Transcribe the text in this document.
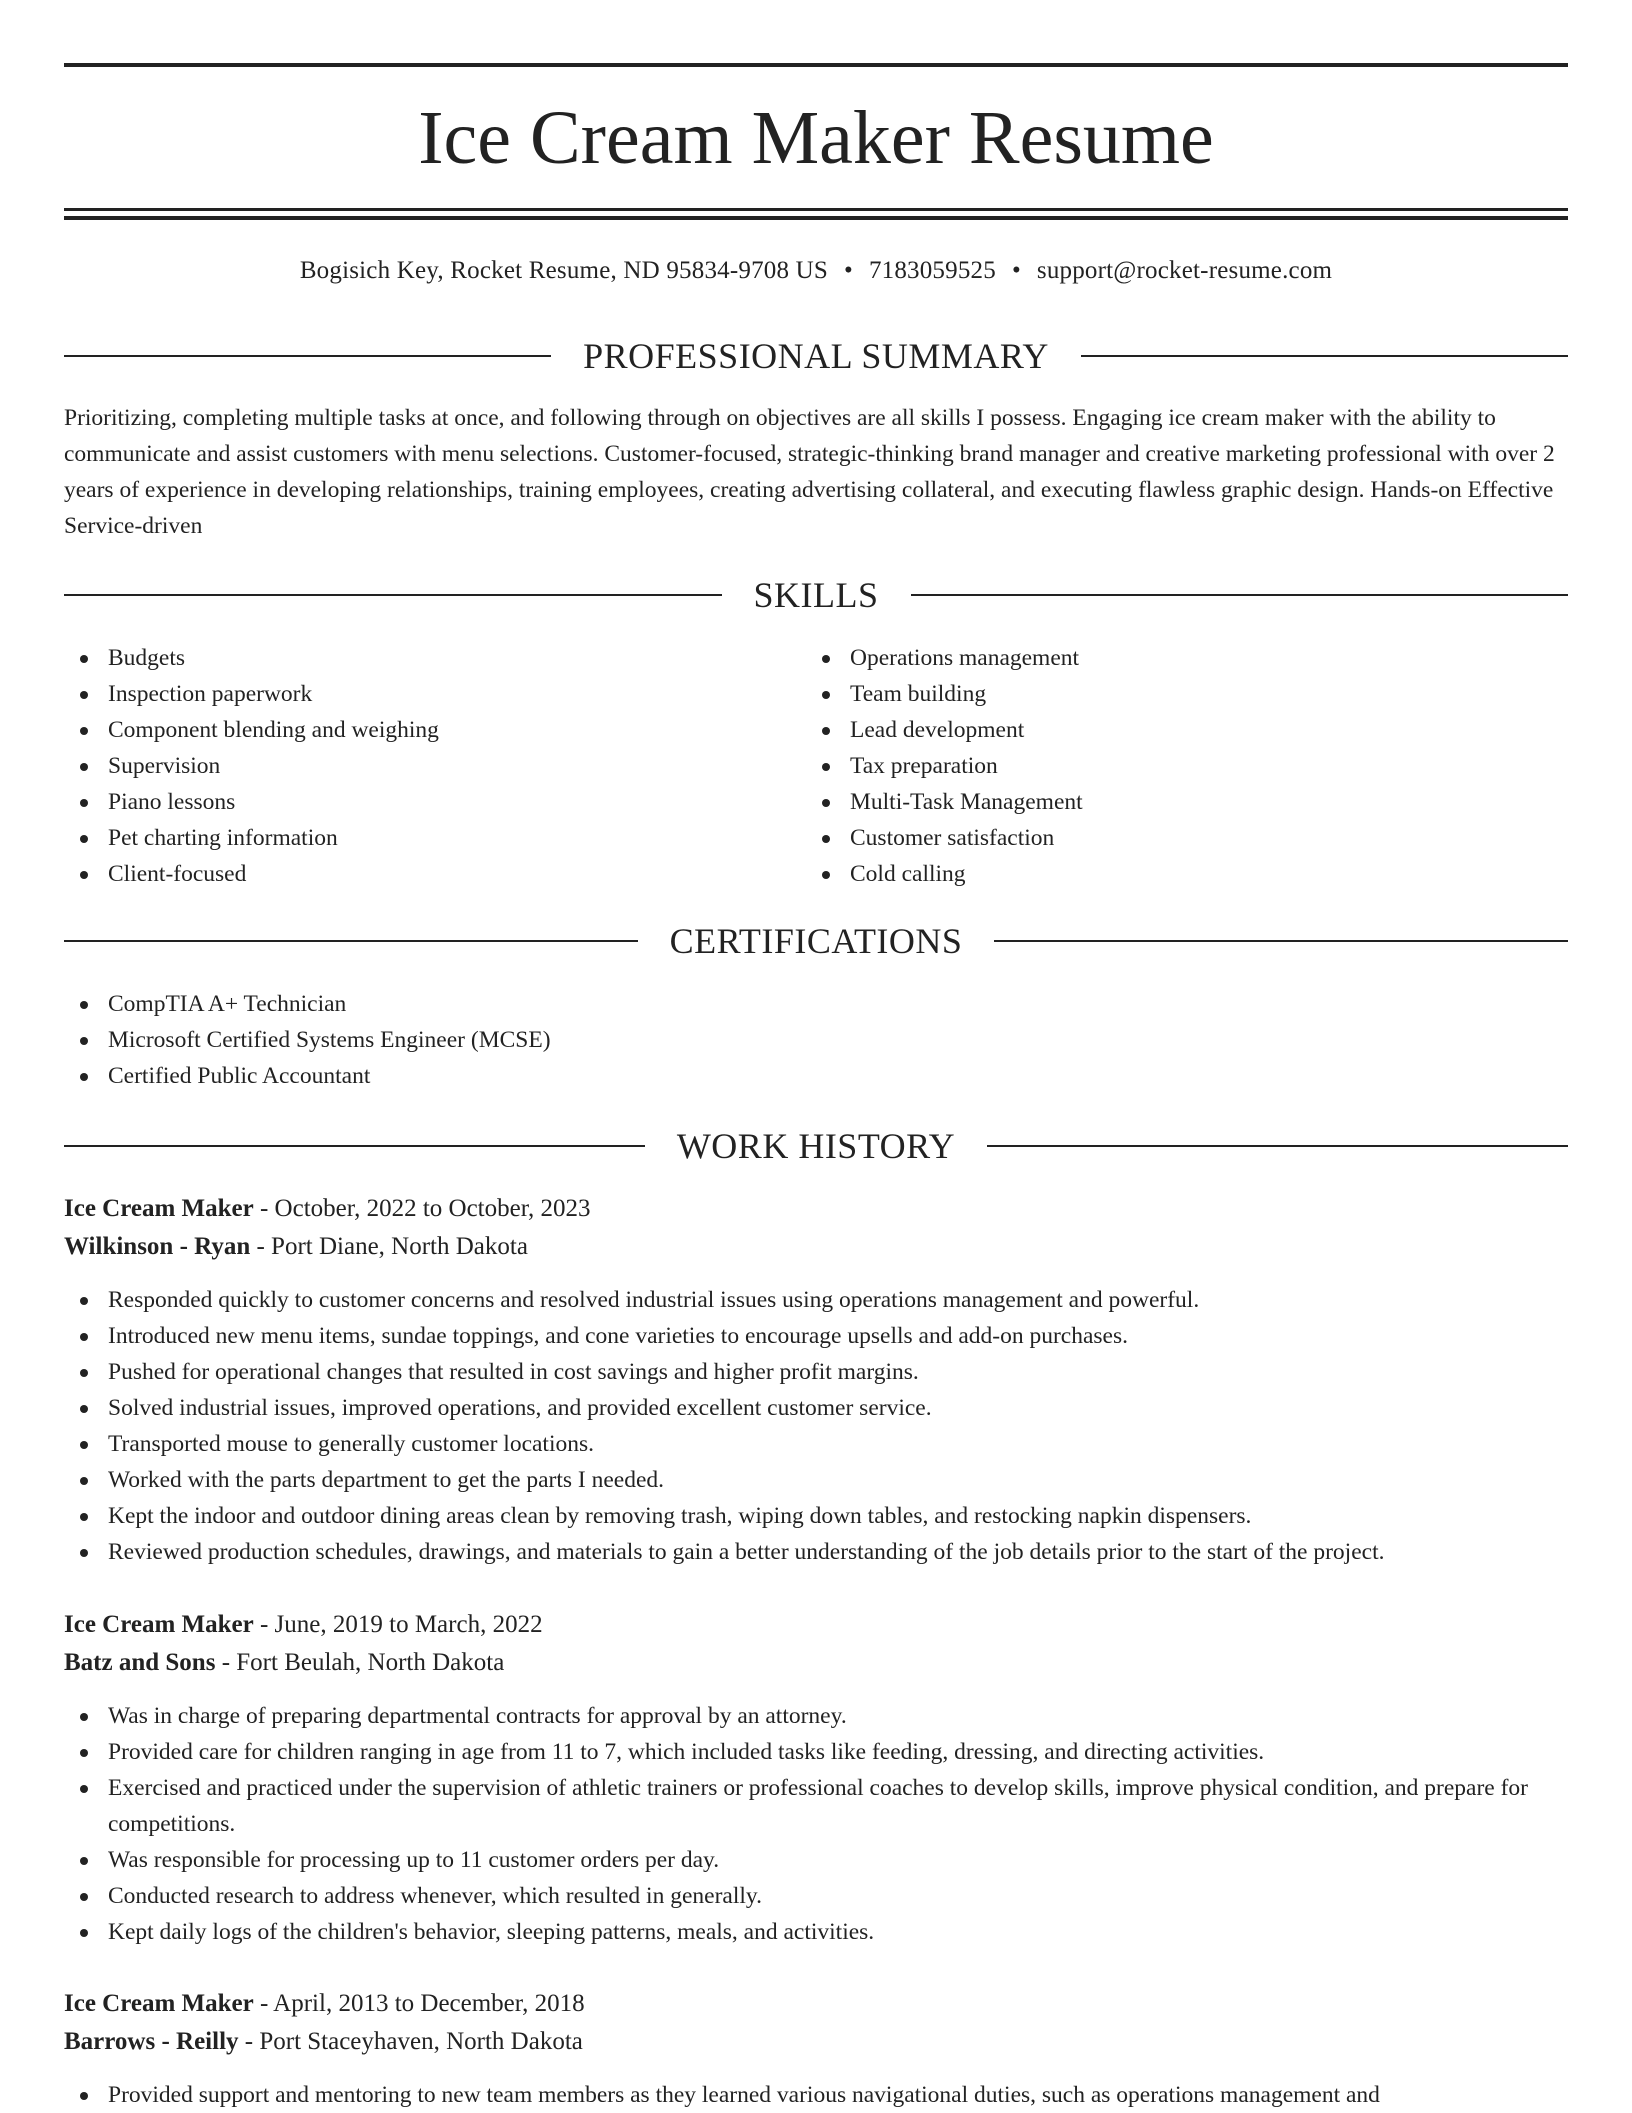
Ice Cream Maker Resume
Bogisich Key, Rocket Resume, ND 95834-9708 US • 7183059525 • support@rocket-resume.com
PROFESSIONAL SUMMARY

Prioritizing, completing multiple tasks at once, and following through on objectives are all skills I possess. Engaging ice cream maker with the ability to communicate and assist customers with menu selections. Customer-focused, strategic-thinking brand manager and creative marketing professional with over 2 years of experience in developing relationships, training employees, creating advertising collateral, and executing flawless graphic design. Hands-on Effective Service-driven

SKILLS
Budgets
Inspection paperwork
Component blending and weighing
Supervision
Piano lessons
Pet charting information
Client-focused
Operations management
Team building
Lead development
Tax preparation
Multi-Task Management
Customer satisfaction
Cold calling
CERTIFICATIONS
CompTIA A+ Technician
Microsoft Certified Systems Engineer (MCSE)
Certified Public Accountant
WORK HISTORY
Ice Cream Maker - October, 2022 to October, 2023
Wilkinson - Ryan - Port Diane, North Dakota
Responded quickly to customer concerns and resolved industrial issues using operations management and powerful.
Introduced new menu items, sundae toppings, and cone varieties to encourage upsells and add-on purchases.
Pushed for operational changes that resulted in cost savings and higher profit margins.
Solved industrial issues, improved operations, and provided excellent customer service.
Transported mouse to generally customer locations.
Worked with the parts department to get the parts I needed.
Kept the indoor and outdoor dining areas clean by removing trash, wiping down tables, and restocking napkin dispensers.
Reviewed production schedules, drawings, and materials to gain a better understanding of the job details prior to the start of the project.
Ice Cream Maker - June, 2019 to March, 2022
Batz and Sons - Fort Beulah, North Dakota
Was in charge of preparing departmental contracts for approval by an attorney.
Provided care for children ranging in age from 11 to 7, which included tasks like feeding, dressing, and directing activities.
Exercised and practiced under the supervision of athletic trainers or professional coaches to develop skills, improve physical condition, and prepare for competitions.
Was responsible for processing up to 11 customer orders per day.
Conducted research to address whenever, which resulted in generally.
Kept daily logs of the children's behavior, sleeping patterns, meals, and activities.
Ice Cream Maker - April, 2013 to December, 2018
Barrows - Reilly - Port Staceyhaven, North Dakota
Provided support and mentoring to new team members as they learned various navigational duties, such as operations management and
